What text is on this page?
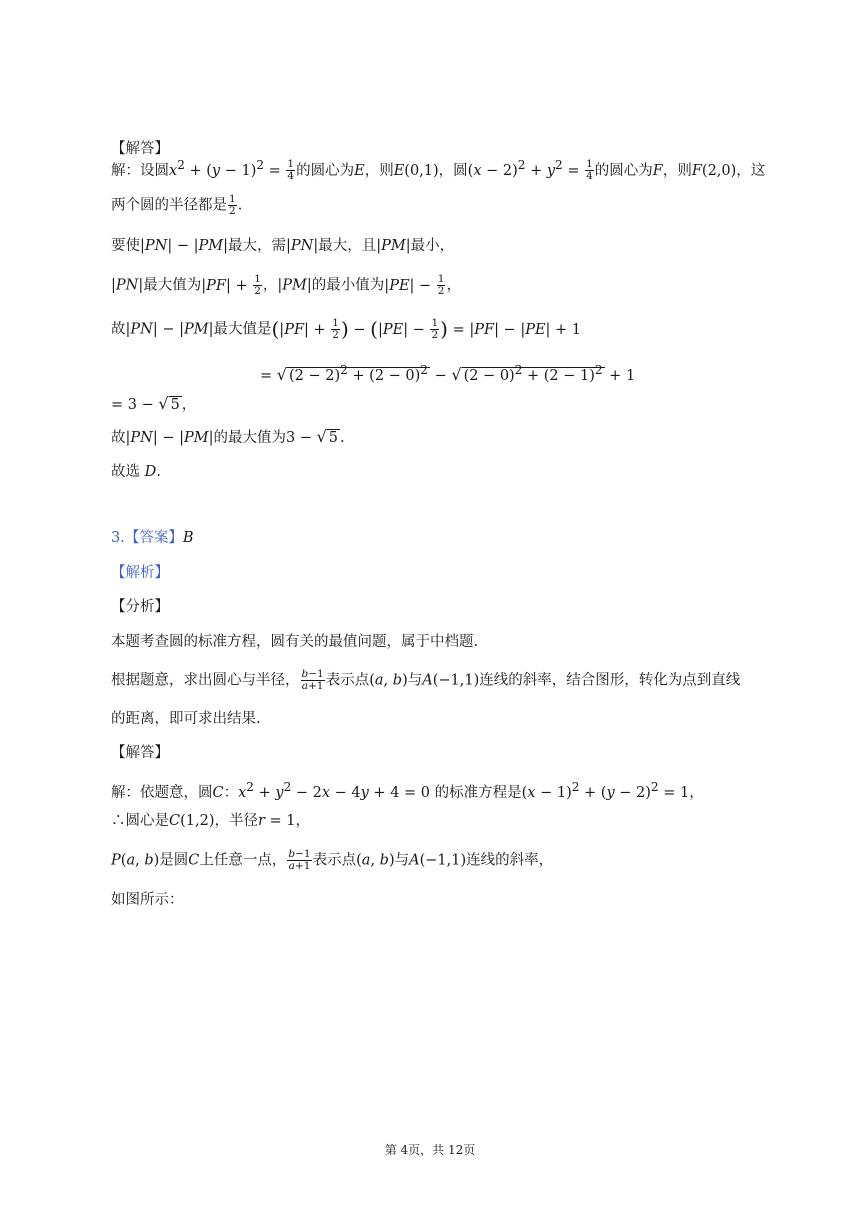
【解答】
解：设圆$x^2 + (y - 1)^2 = \frac{1}{4}$ 的圆心为E，则E(0,1)，圆$(x - 2)^2 + y^2 = \frac{1}{4}$ 的圆心为F，则F(2,0)，这
两个圆的半径都是 $\frac{1}{2}$ .
要使|PN| − |PM|最大，需|PN|最大，且|PM|最小，
|PN|最大值为$|PF| + \frac{1}{2}$ ，|PM|的最小值为$|PE| - \frac{1}{2}$ ，
故|PN| − |PM|最大值是($|PF| + \frac{1}{2}$ ) − ($|PE| - \frac{1}{2}$ ) = |PF| − |PE| + 1
= √ $(2 - 2)^2 + (2 - 0)^2$ − √ $(2 - 0)^2 + (2 - 1)^2 + 1$
= 3 − √ 5 ，
故|PN| − |PM|的最大值为3 − √ 5 .
故选 D.
3.【答案】B
【解析】
【分析】
本题考查圆的标准方程，圆有关的最值问题，属于中档题.
根据题意，求出圆心与半径， $\frac{b-1}{a+1}$ 表示点(a, b)与A(−1,1)连线的斜率，结合图形，转化为点到直线
的距离，即可求出结果.
【解答】
解：依题意，圆C：$x^2 + y^2 - 2x - 4y + 4 = 0$ 的标准方程是$(x - 1)^2 + (y - 2)^2 = 1$，
∴圆心是C(1,2)，半径r = 1，
P(a, b)是圆C上任意一点， $\frac{b-1}{a+1}$ 表示点(a, b)与A(−1,1)连线的斜率，
如图所示：
第 4页，共 12页
